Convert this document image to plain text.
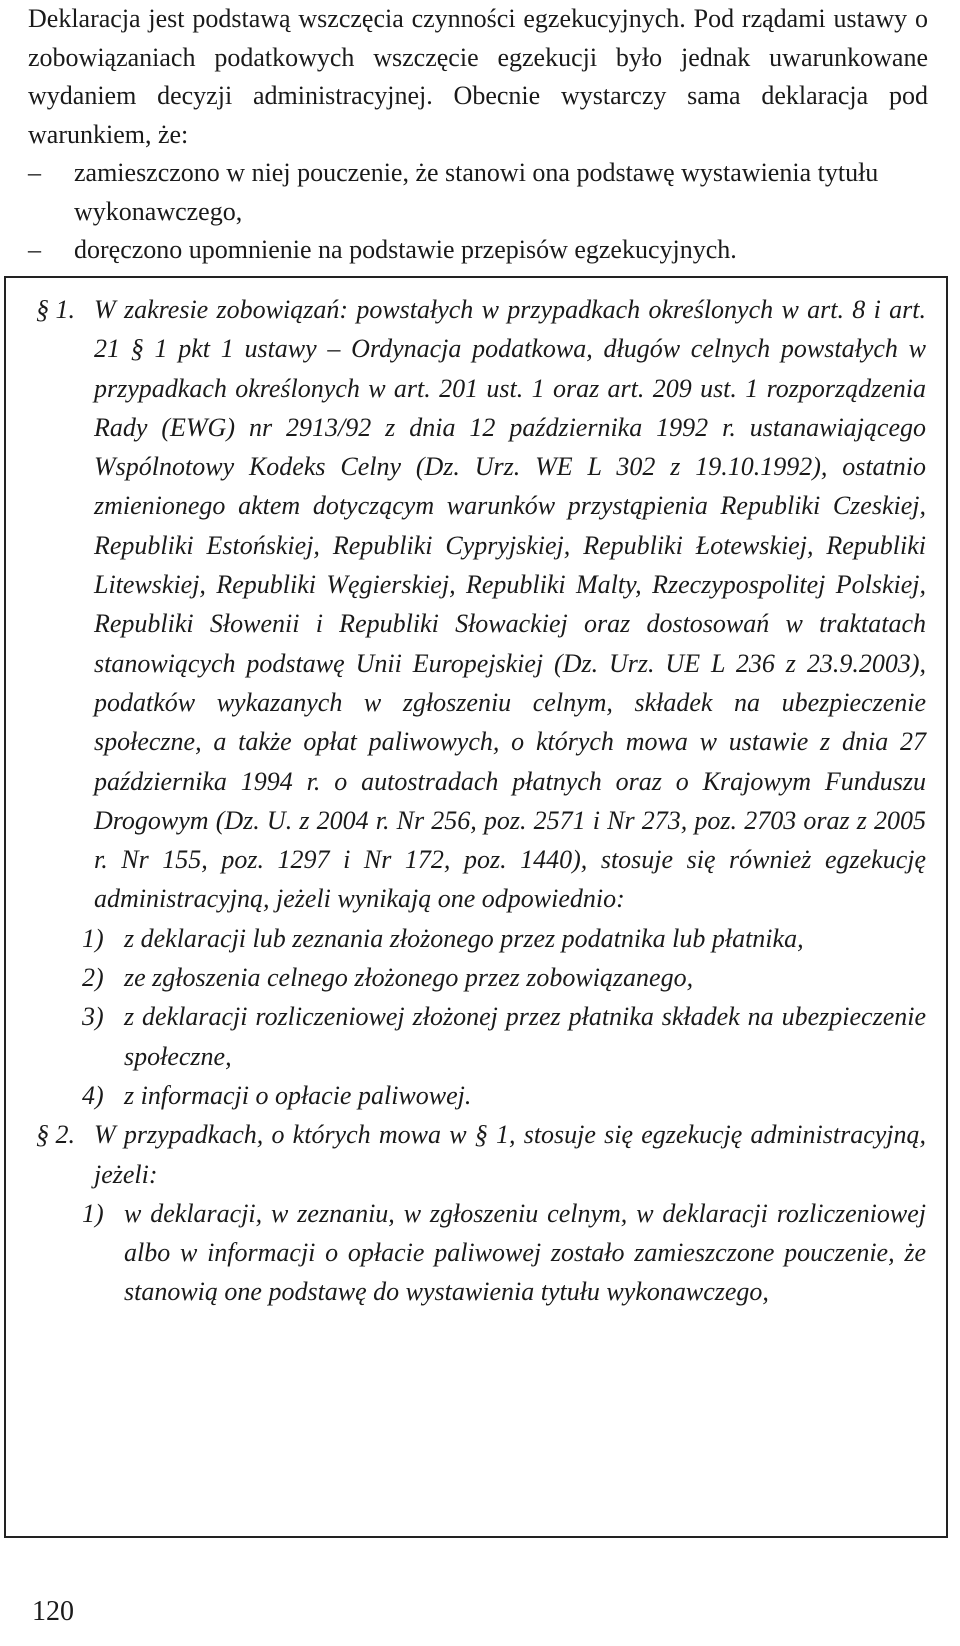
Deklaracja jest podstawą wszczęcia czynności egzekucyjnych. Pod rządami ustawy o zobowiązaniach podatkowych wszczęcie egzekucji było jednak uwarunkowane wydaniem decyzji administracyjnej. Obecnie wystarczy sama deklaracja pod warunkiem, że:

–	zamieszczono w niej pouczenie, że stanowi ona podstawę wystawienia tytułu wykonawczego,
–	doręczono upomnienie na podstawie przepisów egzekucyjnych.
§ 1. W zakresie zobowiązań: powstałych w przypadkach określonych w art. 8 i art. 21 § 1 pkt 1 ustawy – Ordynacja podatkowa, długów celnych powstałych w przypadkach określonych w art. 201 ust. 1 oraz art. 209 ust. 1 rozporządzenia Rady (EWG) nr 2913/92 z dnia 12 października 1992 r. ustanawiającego Wspólnotowy Kodeks Celny (Dz. Urz. WE L 302 z 19.10.1992), ostatnio zmienionego aktem dotyczącym warunków przystąpienia Republiki Czeskiej, Republiki Estońskiej, Republiki Cypryjskiej, Republiki Łotewskiej, Republiki Litewskiej, Republiki Węgierskiej, Republiki Malty, Rzeczypospolitej Polskiej, Republiki Słowenii i Republiki Słowackiej oraz dostosowań w traktatach stanowiących podstawę Unii Europejskiej (Dz. Urz. UE L 236 z 23.9.2003), podatków wykazanych w zgłoszeniu celnym, składek na ubezpieczenie społeczne, a także opłat paliwowych, o których mowa w ustawie z dnia 27 października 1994 r. o autostradach płatnych oraz o Krajowym Funduszu Drogowym (Dz. U. z 2004 r. Nr 256, poz. 2571 i Nr 273, poz. 2703 oraz z 2005 r. Nr 155, poz. 1297 i Nr 172, poz. 1440), stosuje się również egzekucję administracyjną, jeżeli wynikają one odpowiednio:
1) z deklaracji lub zeznania złożonego przez podatnika lub płatnika,
2) ze zgłoszenia celnego złożonego przez zobowiązanego,
3) z deklaracji rozliczeniowej złożonej przez płatnika składek na ubezpieczenie społeczne,
4) z informacji o opłacie paliwowej.
§ 2. W przypadkach, o których mowa w § 1, stosuje się egzekucję administracyjną, jeżeli:
1) w deklaracji, w zeznaniu, w zgłoszeniu celnym, w deklaracji rozliczeniowej albo w informacji o opłacie paliwowej zostało zamieszczone pouczenie, że stanowią one podstawę do wystawienia tytułu wykonawczego,
120
